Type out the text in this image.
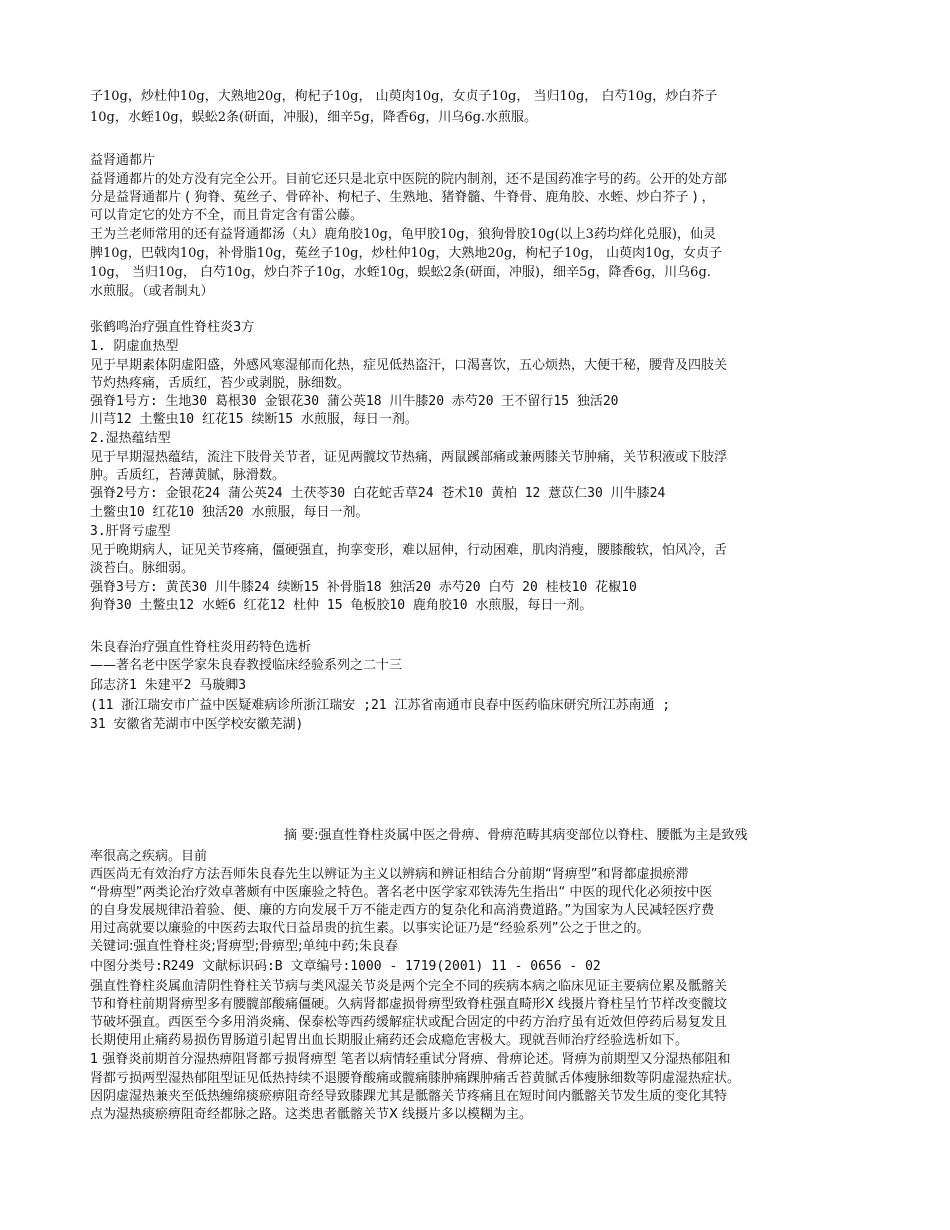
子10g，炒杜仲10g，大熟地20g，枸杞子10g， 山萸肉10g，女贞子10g， 当归10g， 白芍10g，炒白芥子
10g，水蛭10g，蜈蚣2条(研面，冲服)，细辛5g，降香6g，川乌6g.水煎服。
益肾通都片
益肾通都片的处方没有完全公开。目前它还只是北京中医院的院内制剂，还不是国药准字号的药。公开的处方部
分是益肾通都片 ( 狗脊、菟丝子、骨碎补、枸杞子、生熟地、猪脊髓、牛脊骨、鹿角胶、水蛭、炒白芥子 ) ，
可以肯定它的处方不全，而且肯定含有雷公藤。
王为兰老师常用的还有益肾通都汤（丸）鹿角胶10g，龟甲胶10g，狼狗骨胶10g(以上3药均烊化兑服)，仙灵
脾10g，巴戟肉10g，补骨脂10g，菟丝子10g，炒杜仲10g，大熟地20g，枸杞子10g， 山萸肉10g，女贞子
10g， 当归10g， 白芍10g，炒白芥子10g，水蛭10g，蜈蚣2条(研面，冲服)，细辛5g，降香6g，川乌6g.
水煎服。（或者制丸）
张鹤鸣治疗强直性脊柱炎3方
1. 阴虚血热型
见于早期素体阴虚阳盛，外感风寒湿郁而化热，症见低热盗汗，口渴喜饮，五心烦热，大便干秘，腰背及四肢关
节灼热疼痛，舌质红，苔少或剥脱，脉细数。
强脊1号方: 生地30 葛根30 金银花30 蒲公英18 川牛膝20 赤芍20 王不留行15 独活20
川芎12 土鳖虫10 红花15 续断15 水煎服，每日一剂。
2.湿热蕴结型
见于早期湿热蕴结，流注下肢骨关节者，证见两髋坟节热痛，两鼠蹊部痛或兼两膝关节肿痛，关节积液或下肢浮
肿。舌质红，苔薄黄腻，脉滑数。
强脊2号方: 金银花24 蒲公英24 土茯苓30 白花蛇舌草24 苍术10 黄柏 12 薏苡仁30 川牛膝24
土鳖虫10 红花10 独活20 水煎服，每日一剂。
3.肝肾亏虚型
见于晚期病人，证见关节疼痛，僵硬强直，拘挛变形，难以屈伸，行动困难，肌肉消瘦，腰膝酸软，怕风冷，舌
淡苔白。脉细弱。
强脊3号方: 黄芪30 川牛膝24 续断15 补骨脂18 独活20 赤芍20 白芍 20 桂枝10 花椒10
狗脊30 土鳖虫12 水蛭6 红花12 杜仲 15 龟板胶10 鹿角胶10 水煎服，每日一剂。
朱良春治疗强直性脊柱炎用药特色选析
——著名老中医学家朱良春教授临床经验系列之二十三
邱志济1 朱建平2 马璇卿3
(11 浙江瑞安市广益中医疑难病诊所浙江瑞安 ;21 江苏省南通市良春中医药临床研究所江苏南通 ;
31 安徽省芜湖市中医学校安徽芜湖)
摘 要:强直性脊柱炎属中医之骨痹、骨痹范畴其病变部位以脊柱、腰骶为主是致残
率很高之疾病。目前
西医尚无有效治疗方法吾师朱良春先生以辨证为主义以辨病和辨证相结合分前期“肾痹型”和肾都虚损瘀滞
“骨痹型”两类论治疗效卓著颇有中医廉验之特色。著名老中医学家邓铁涛先生指出“ 中医的现代化必须按中医
的自身发展规律沿着验、便、廉的方向发展千万不能走西方的复杂化和高消费道路。”为国家为人民减轻医疗费
用过高就要以廉验的中医药去取代日益昂贵的抗生素。以事实论证乃是“经验系列”公之于世之的。
关键词:强直性脊柱炎;肾痹型;骨痹型;单纯中药;朱良春
中图分类号:R249 文献标识码:B 文章编号:1000 - 1719(2001) 11 - 0656 - 02
强直性脊柱炎属血清阴性脊柱关节病与类风湿关节炎是两个完全不同的疾病本病之临床见证主要病位累及骶髂关
节和脊柱前期肾痹型多有腰髋部酸痛僵硬。久病肾都虚损骨痹型致脊柱强直畸形X 线摄片脊柱呈竹节样改变髋坟
节破坏强直。西医至今多用消炎痛、保泰松等西药缓解症状或配合固定的中药方治疗虽有近效但停药后易复发且
长期使用止痛药易损伤胃肠道引起胃出血长期服止痛药还会成瘾危害极大。现就吾师治疗经验选析如下。
1 强脊炎前期首分湿热痹阻肾都亏损肾痹型 笔者以病情轻重试分肾痹、骨痹论述。肾痹为前期型又分湿热郁阻和
肾都亏损两型湿热郁阻型证见低热持续不退腰脊酸痛或髋痛膝肿痛踝肿痛舌苔黄腻舌体瘦脉细数等阴虚湿热症状。
因阴虚湿热兼夹至低热缠绵痰瘀痹阻奇经导致膝踝尤其是骶髂关节疼痛且在短时间内骶髂关节发生质的变化其特
点为湿热痰瘀痹阻奇经都脉之路。这类患者骶髂关节X 线摄片多以模糊为主。
